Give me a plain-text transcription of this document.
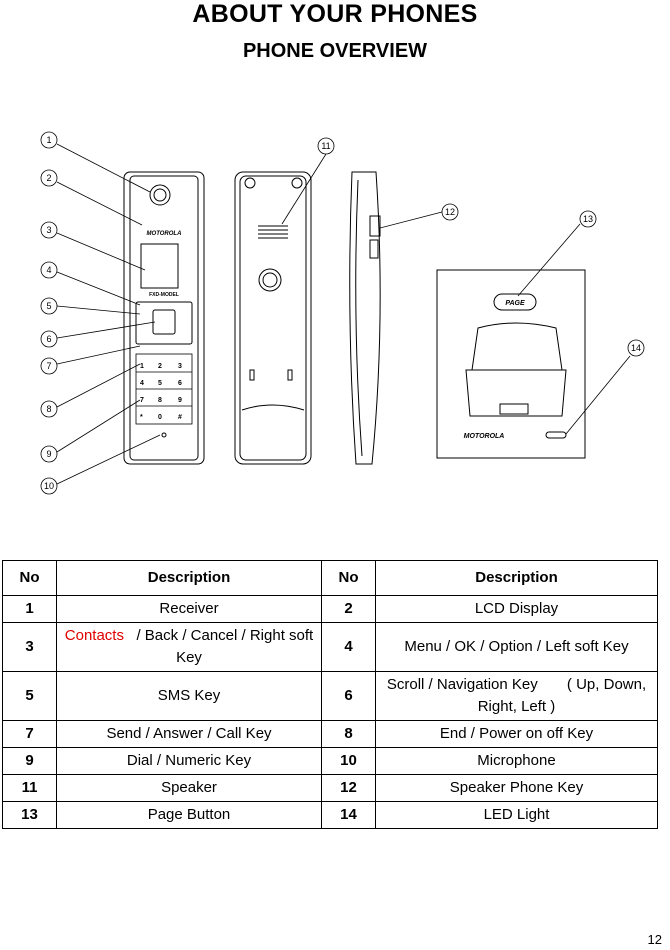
ABOUT YOUR PHONES
PHONE OVERVIEW
1
2
3
4
5
6
7
8
9
10
11
12
13
14
MOTOROLA
FXD-MODEL
PAGE
MOTOROLA
1 2 3
4 5 6
7 8 9
* 0 #
No	Description	No	Description
1	Receiver	2	LCD Display
3	Contacts   / Back / Cancel / Right soft Key	4	Menu / OK / Option / Left soft Key
5	SMS Key	6	Scroll / Navigation Key       ( Up, Down, Right, Left )
7	Send / Answer / Call Key	8	End / Power on off Key
9	Dial / Numeric Key	10	Microphone
11	Speaker	12	Speaker Phone Key
13	Page Button	14	LED Light
12
